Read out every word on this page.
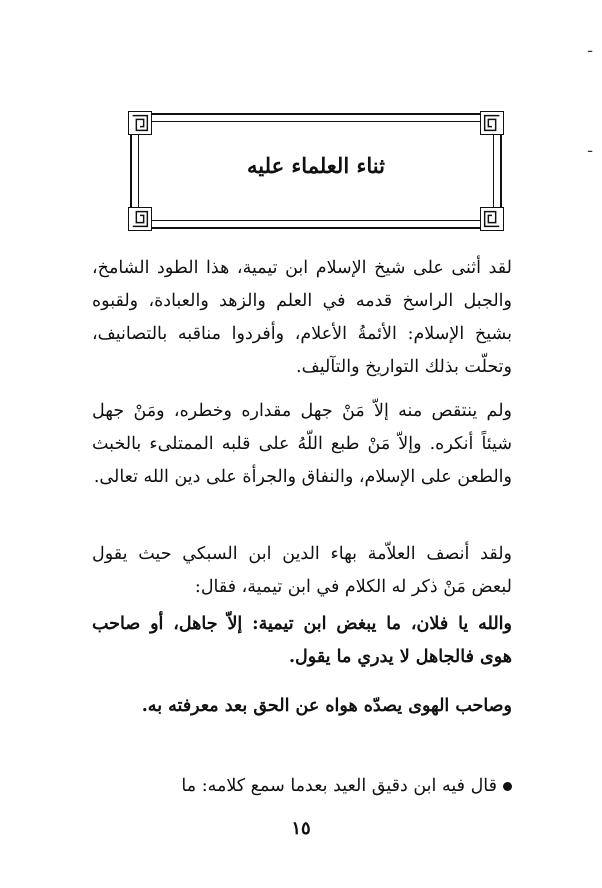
ـ
ـ
ثناء العلماء عليه

لقد أثنى على شيخ الإسلام ابن تيمية، هذا الطود الشامخ، والجبل الراسخ قدمه في العلم والزهد والعبادة، ولقبوه بشيخ الإسلام: الأئمةُ الأعلام، وأفردوا مناقبه بالتصانيف، وتحلّت بذلك التواريخ والتآليف.

ولم ينتقص منه إلاّ مَنْ جهل مقداره وخطره، ومَنْ جهل شيئاً أنكره. وإلاّ مَنْ طبع اللّهُ على قلبه الممتلىء بالخبث والطعن على الإسلام، والنفاق والجرأة على دين الله تعالى.

ولقد أنصف العلاّمة بهاء الدين ابن السبكي حيث يقول لبعض مَنْ ذكر له الكلام في ابن تيمية، فقال:

والله يا فلان، ما يبغض ابن تيمية: إلاّ جاهل، أو صاحب هوى فالجاهل لا يدري ما يقول.

وصاحب الهوى يصدّه هواه عن الحق بعد معرفته به.

قال فيه ابن دقيق العيد بعدما سمع كلامه: ما

١٥
